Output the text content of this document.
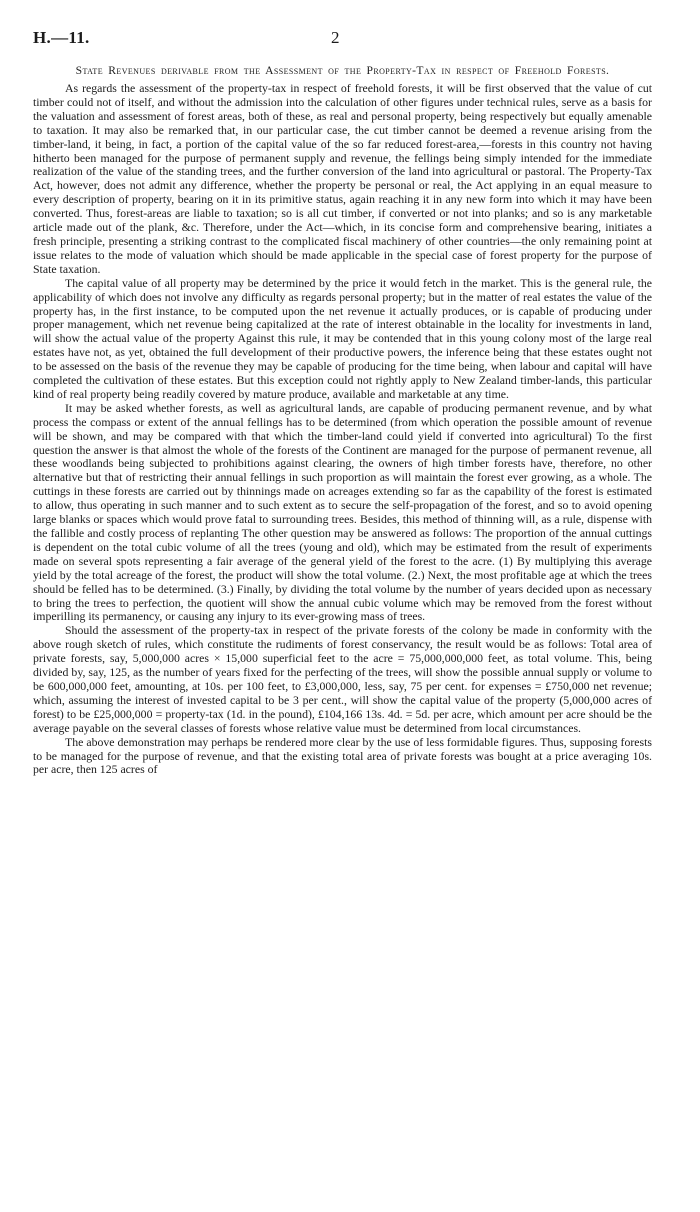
H.—11.	2
State Revenues derivable from the Assessment of the Property-Tax in respect of Freehold Forests.

As regards the assessment of the property-tax in respect of freehold forests, it will be first observed that the value of cut timber could not of itself, and without the admission into the calculation of other figures under technical rules, serve as a basis for the valuation and assessment of forest areas, both of these, as real and personal property, being respectively but equally amenable to taxation. It may also be remarked that, in our particular case, the cut timber cannot be deemed a revenue arising from the timber-land, it being, in fact, a portion of the capital value of the so far reduced forest-area,—forests in this country not having hitherto been managed for the purpose of permanent supply and revenue, the fellings being simply intended for the immediate realization of the value of the standing trees, and the further conversion of the land into agricultural or pastoral. The Property-Tax Act, however, does not admit any difference, whether the property be personal or real, the Act applying in an equal measure to every description of property, bearing on it in its primitive status, again reaching it in any new form into which it may have been converted. Thus, forest-areas are liable to taxation; so is all cut timber, if converted or not into planks; and so is any marketable article made out of the plank, &c. Therefore, under the Act—which, in its concise form and comprehensive bearing, initiates a fresh principle, presenting a striking contrast to the complicated fiscal machinery of other countries—the only remaining point at issue relates to the mode of valuation which should be made applicable in the special case of forest property for the purpose of State taxation.

The capital value of all property may be determined by the price it would fetch in the market. This is the general rule, the applicability of which does not involve any difficulty as regards personal property; but in the matter of real estates the value of the property has, in the first instance, to be computed upon the net revenue it actually produces, or is capable of producing under proper management, which net revenue being capitalized at the rate of interest obtainable in the locality for investments in land, will show the actual value of the property Against this rule, it may be contended that in this young colony most of the large real estates have not, as yet, obtained the full development of their productive powers, the inference being that these estates ought not to be assessed on the basis of the revenue they may be capable of producing for the time being, when labour and capital will have completed the cultivation of these estates. But this exception could not rightly apply to New Zealand timber-lands, this particular kind of real property being readily covered by mature produce, available and marketable at any time.

It may be asked whether forests, as well as agricultural lands, are capable of producing permanent revenue, and by what process the compass or extent of the annual fellings has to be determined (from which operation the possible amount of revenue will be shown, and may be compared with that which the timber-land could yield if converted into agricultural) To the first question the answer is that almost the whole of the forests of the Continent are managed for the purpose of permanent revenue, all these woodlands being subjected to prohibitions against clearing, the owners of high timber forests have, therefore, no other alternative but that of restricting their annual fellings in such proportion as will maintain the forest ever growing, as a whole. The cuttings in these forests are carried out by thinnings made on acreages extending so far as the capability of the forest is estimated to allow, thus operating in such manner and to such extent as to secure the self-propagation of the forest, and so to avoid opening large blanks or spaces which would prove fatal to surrounding trees. Besides, this method of thinning will, as a rule, dispense with the fallible and costly process of replanting The other question may be answered as follows: The proportion of the annual cuttings is dependent on the total cubic volume of all the trees (young and old), which may be estimated from the result of experiments made on several spots representing a fair average of the general yield of the forest to the acre. (1) By multiplying this average yield by the total acreage of the forest, the product will show the total volume. (2.) Next, the most profitable age at which the trees should be felled has to be determined. (3.) Finally, by dividing the total volume by the number of years decided upon as necessary to bring the trees to perfection, the quotient will show the annual cubic volume which may be removed from the forest without imperilling its permanency, or causing any injury to its ever-growing mass of trees.

Should the assessment of the property-tax in respect of the private forests of the colony be made in conformity with the above rough sketch of rules, which constitute the rudiments of forest conservancy, the result would be as follows: Total area of private forests, say, 5,000,000 acres × 15,000 superficial feet to the acre = 75,000,000,000 feet, as total volume. This, being divided by, say, 125, as the number of years fixed for the perfecting of the trees, will show the possible annual supply or volume to be 600,000,000 feet, amounting, at 10s. per 100 feet, to £3,000,000, less, say, 75 per cent. for expenses = £750,000 net revenue; which, assuming the interest of invested capital to be 3 per cent., will show the capital value of the property (5,000,000 acres of forest) to be £25,000,000 = property-tax (1d. in the pound), £104,166 13s. 4d. = 5d. per acre, which amount per acre should be the average payable on the several classes of forests whose relative value must be determined from local circumstances.

The above demonstration may perhaps be rendered more clear by the use of less formidable figures. Thus, supposing forests to be managed for the purpose of revenue, and that the existing total area of private forests was bought at a price averaging 10s. per acre, then 125 acres of
